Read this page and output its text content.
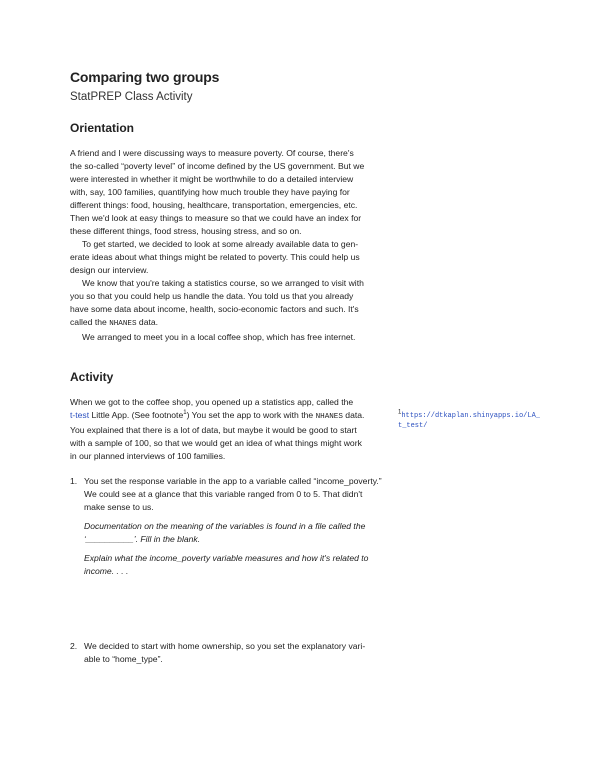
Comparing two groups
StatPREP Class Activity
Orientation
A friend and I were discussing ways to measure poverty. Of course, there's
the so-called “poverty level” of income defined by the US government. But we
were interested in whether it might be worthwhile to do a detailed interview
with, say, 100 families, quantifying how much trouble they have paying for
different things: food, housing, healthcare, transportation, emergencies, etc.
Then we'd look at easy things to measure so that we could have an index for
these different things, food stress, housing stress, and so on.
To get started, we decided to look at some already available data to gen-
erate ideas about what things might be related to poverty. This could help us
design our interview.
We know that you're taking a statistics course, so we arranged to visit with
you so that you could help us handle the data. You told us that you already
have some data about income, health, socio-economic factors and such. It's
called the NHANES data.
We arranged to meet you in a local coffee shop, which has free internet.
Activity
When we got to the coffee shop, you opened up a statistics app, called the
t-test Little App. (See footnote$^1$) You set the app to work with the NHANES data.
You explained that there is a lot of data, but maybe it would be good to start
with a sample of 100, so that we would get an idea of what things might work
in our planned interviews of 100 families.
1https://dtkaplan.shinyapps.io/LA_
t_test/
1. You set the response variable in the app to a variable called “income_poverty.”
We could see at a glance that this variable ranged from 0 to 5. That didn't
make sense to us.
Documentation on the meaning of the variables is found in a file called the
‘__________’. Fill in the blank.
Explain what the income_poverty variable measures and how it's related to
income. . . .
2. We decided to start with home ownership, so you set the explanatory vari-
able to “home_type”.
